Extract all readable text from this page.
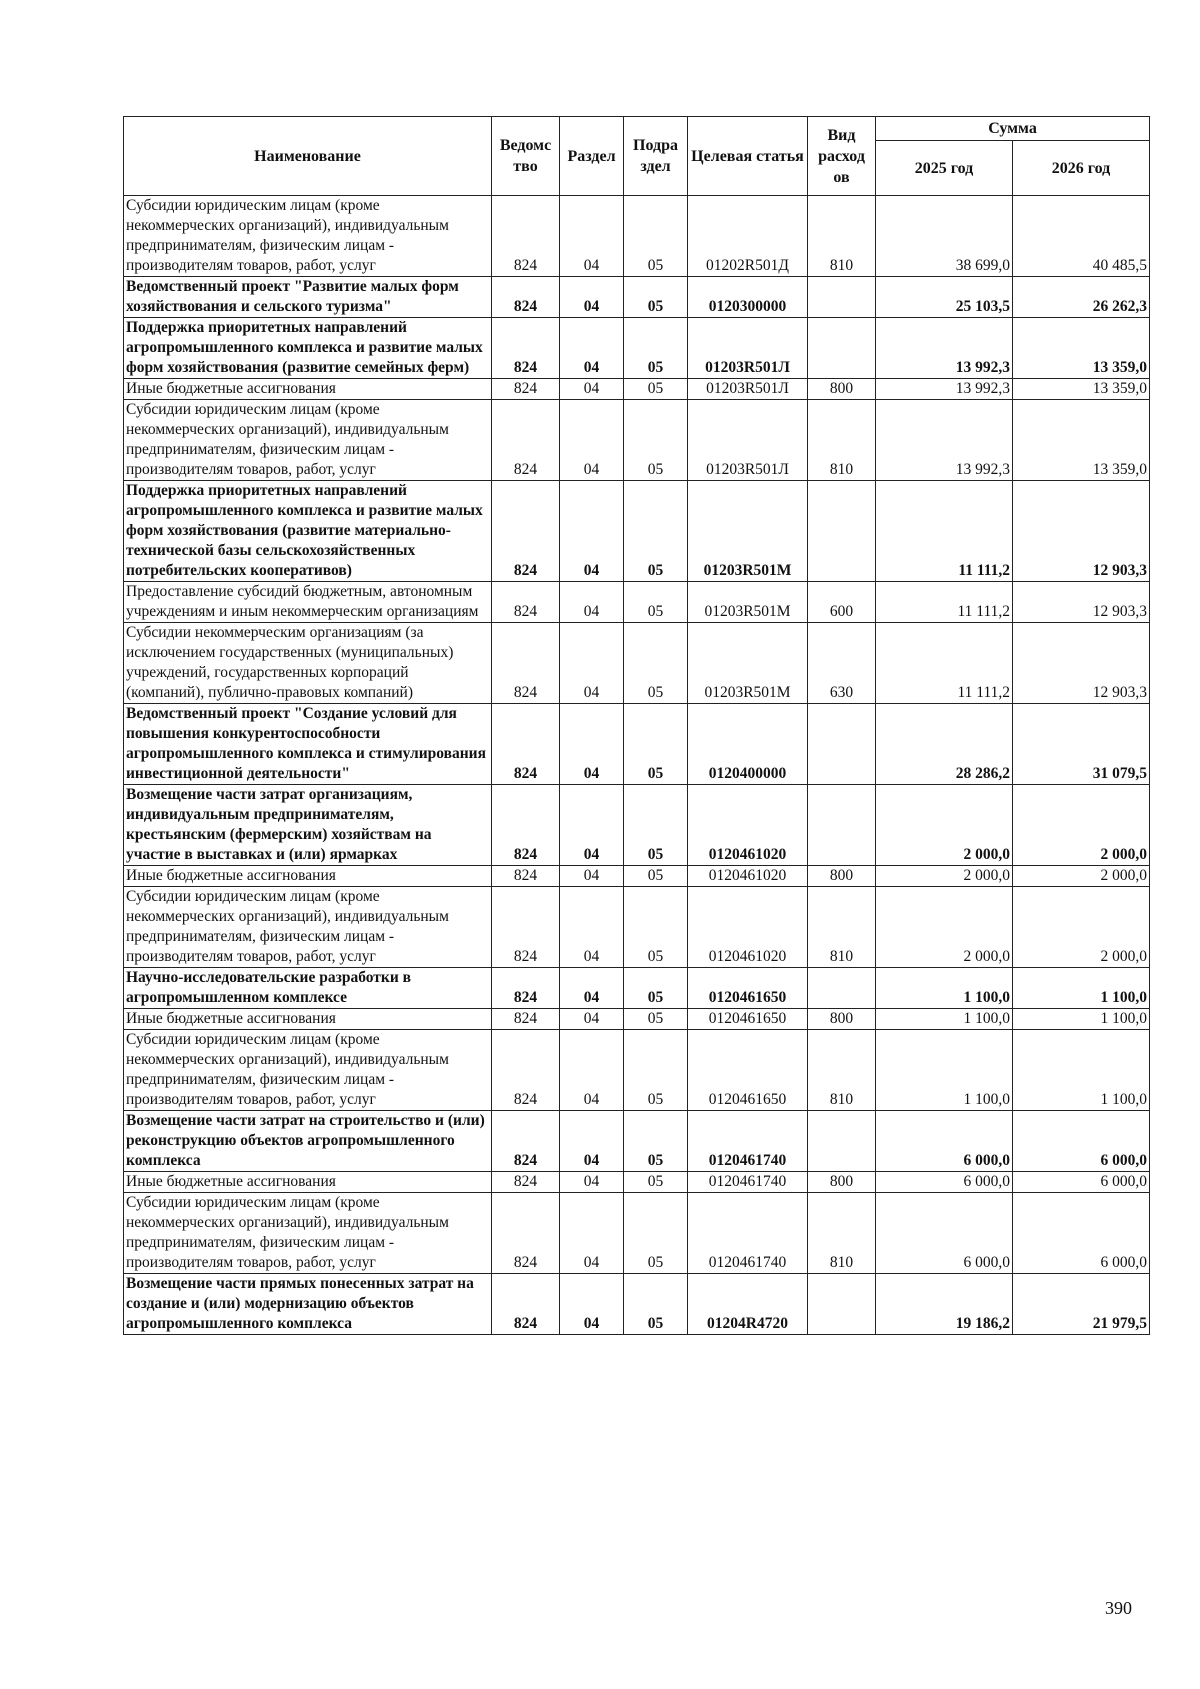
Наименование	Ведомс тво	Раздел	Подра здел	Целевая статья	Вид расход ов	Сумма	
						2025 год	2026 год
Субсидии юридическим лицам (кроме некоммерческих организаций), индивидуальным предпринимателям, физическим лицам - производителям товаров, работ, услуг	824	04	05	01202R501Д	810	38 699,0	40 485,5
Ведомственный проект "Развитие малых форм хозяйствования и сельского туризма"	824	04	05	0120300000		25 103,5	26 262,3
Поддержка приоритетных направлений агропромышленного комплекса и развитие малых форм хозяйствования (развитие семейных ферм)	824	04	05	01203R501Л		13 992,3	13 359,0
Иные бюджетные ассигнования	824	04	05	01203R501Л	800	13 992,3	13 359,0
Субсидии юридическим лицам (кроме некоммерческих организаций), индивидуальным предпринимателям, физическим лицам - производителям товаров, работ, услуг	824	04	05	01203R501Л	810	13 992,3	13 359,0
Поддержка приоритетных направлений агропромышленного комплекса и развитие малых форм хозяйствования (развитие материально-технической базы сельскохозяйственных потребительских кооперативов)	824	04	05	01203R501M		11 111,2	12 903,3
Предоставление субсидий бюджетным, автономным учреждениям и иным некоммерческим организациям	824	04	05	01203R501M	600	11 111,2	12 903,3
Субсидии некоммерческим организациям (за исключением государственных (муниципальных) учреждений, государственных корпораций (компаний), публично-правовых компаний)	824	04	05	01203R501M	630	11 111,2	12 903,3
Ведомственный проект "Создание условий для повышения конкурентоспособности агропромышленного комплекса и стимулирования инвестиционной деятельности"	824	04	05	0120400000		28 286,2	31 079,5
Возмещение части затрат организациям, индивидуальным предпринимателям, крестьянским (фермерским) хозяйствам на участие в выставках и (или) ярмарках	824	04	05	0120461020		2 000,0	2 000,0
Иные бюджетные ассигнования	824	04	05	0120461020	800	2 000,0	2 000,0
Субсидии юридическим лицам (кроме некоммерческих организаций), индивидуальным предпринимателям, физическим лицам - производителям товаров, работ, услуг	824	04	05	0120461020	810	2 000,0	2 000,0
Научно-исследовательские разработки в агропромышленном комплексе	824	04	05	0120461650		1 100,0	1 100,0
Иные бюджетные ассигнования	824	04	05	0120461650	800	1 100,0	1 100,0
Субсидии юридическим лицам (кроме некоммерческих организаций), индивидуальным предпринимателям, физическим лицам - производителям товаров, работ, услуг	824	04	05	0120461650	810	1 100,0	1 100,0
Возмещение части затрат на строительство и (или) реконструкцию объектов агропромышленного комплекса	824	04	05	0120461740		6 000,0	6 000,0
Иные бюджетные ассигнования	824	04	05	0120461740	800	6 000,0	6 000,0
Субсидии юридическим лицам (кроме некоммерческих организаций), индивидуальным предпринимателям, физическим лицам - производителям товаров, работ, услуг	824	04	05	0120461740	810	6 000,0	6 000,0
Возмещение части прямых понесенных затрат на создание и (или) модернизацию объектов агропромышленного комплекса	824	04	05	01204R4720		19 186,2	21 979,5
390
